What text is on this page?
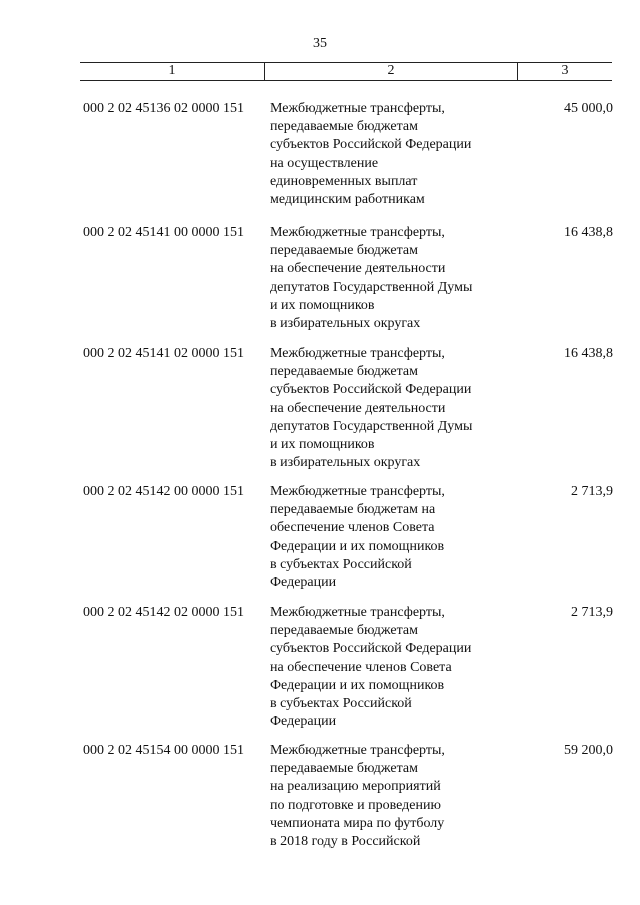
35
1	2	3
000 2 02 45136 02 0000 151 Межбюджетные трансферты,
передаваемые бюджетам
субъектов Российской Федерации
на осуществление
единовременных выплат
медицинским работникам
45 000,0
000 2 02 45141 00 0000 151 Межбюджетные трансферты,
передаваемые бюджетам
на обеспечение деятельности
депутатов Государственной Думы
и их помощников
в избирательных округах
16 438,8
000 2 02 45141 02 0000 151 Межбюджетные трансферты,
передаваемые бюджетам
субъектов Российской Федерации
на обеспечение деятельности
депутатов Государственной Думы
и их помощников
в избирательных округах
16 438,8
000 2 02 45142 00 0000 151 Межбюджетные трансферты,
передаваемые бюджетам на
обеспечение членов Совета
Федерации и их помощников
в субъектах Российской
Федерации
2 713,9
000 2 02 45142 02 0000 151 Межбюджетные трансферты,
передаваемые бюджетам
субъектов Российской Федерации
на обеспечение членов Совета
Федерации и их помощников
в субъектах Российской
Федерации
2 713,9
000 2 02 45154 00 0000 151 Межбюджетные трансферты,
передаваемые бюджетам
на реализацию мероприятий
по подготовке и проведению
чемпионата мира по футболу
в 2018 году в Российской
59 200,0
